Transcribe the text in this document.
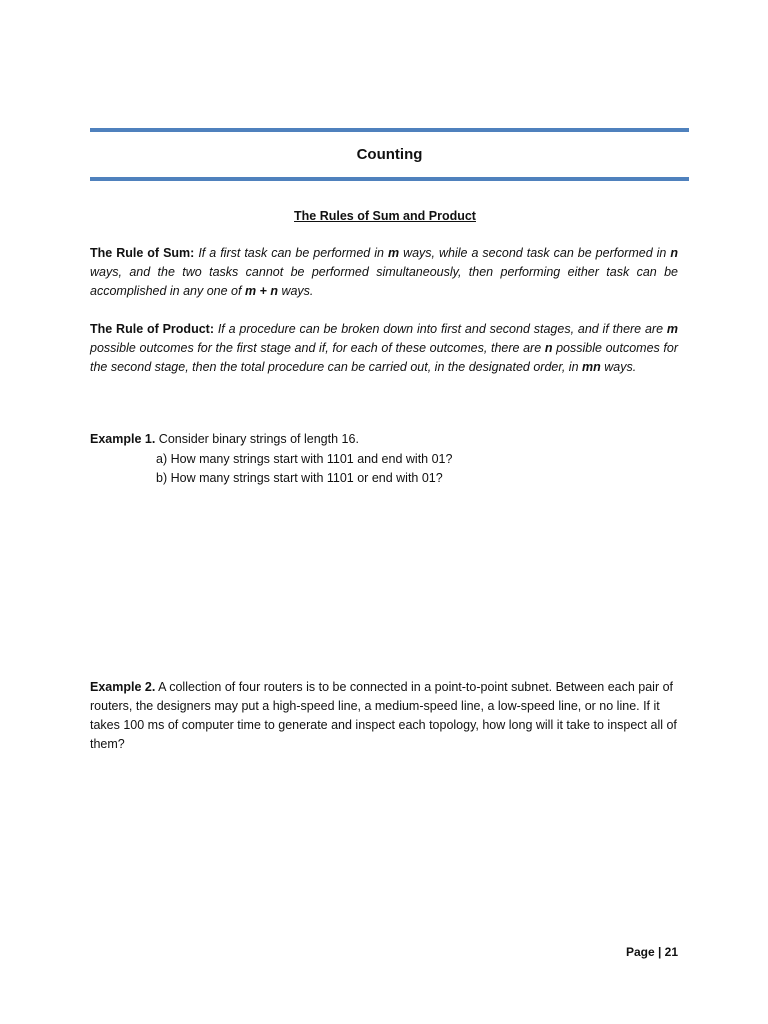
Counting
The Rules of Sum and Product

The Rule of Sum: If a first task can be performed in m ways, while a second task can be performed in n ways, and the two tasks cannot be performed simultaneously, then performing either task can be accomplished in any one of m + n ways.

The Rule of Product: If a procedure can be broken down into first and second stages, and if there are m possible outcomes for the first stage and if, for each of these outcomes, there are n possible outcomes for the second stage, then the total procedure can be carried out, in the designated order, in mn ways.

Example 1. Consider binary strings of length 16.

a) How many strings start with 1101 and end with 01?
b) How many strings start with 1101 or end with 01?

Example 2. A collection of four routers is to be connected in a point-to-point subnet. Between each pair of routers, the designers may put a high-speed line, a medium-speed line, a low-speed line, or no line. If it takes 100 ms of computer time to generate and inspect each topology, how long will it take to inspect all of them?

Page | 21
